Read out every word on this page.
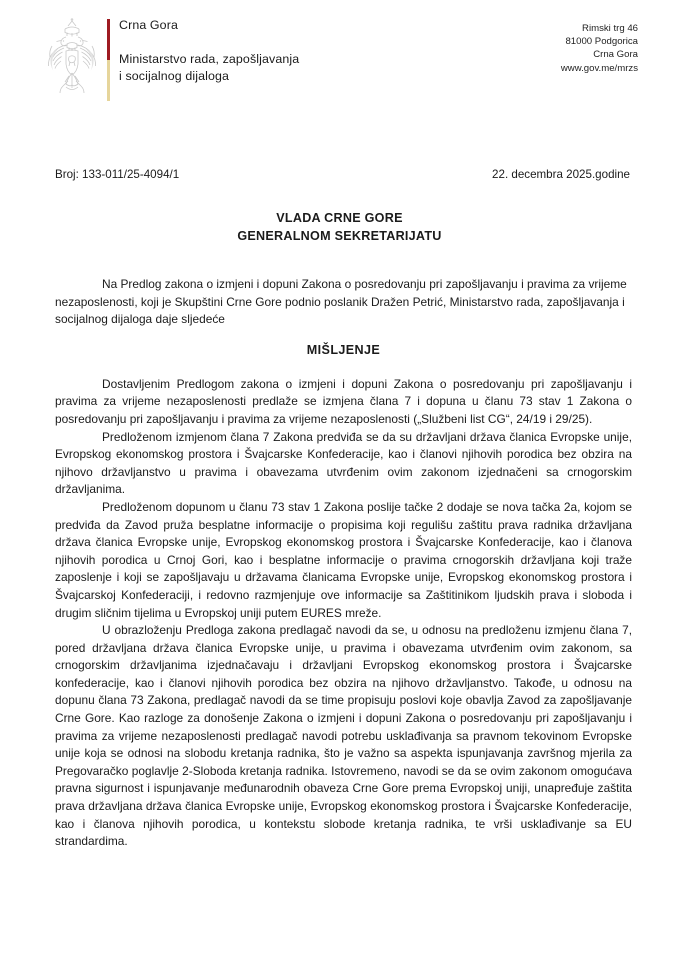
Crna Gora
Ministarstvo rada, zapošljavanja
i socijalnog dijaloga
Rimski trg 46
81000 Podgorica
Crna Gora
www.gov.me/mrzs
Broj: 133-011/25-4094/1	22. decembra 2025.godine
VLADA CRNE GORE
GENERALNOM SEKRETARIJATU

Na Predlog zakona o izmjeni i dopuni Zakona o posredovanju pri zapošljavanju i pravima za vrijeme nezaposlenosti, koji je Skupštini Crne Gore podnio poslanik Dražen Petrić, Ministarstvo rada, zapošljavanja i socijalnog dijaloga daje sljedeće

MIŠLJENJE

Dostavljenim Predlogom zakona o izmjeni i dopuni Zakona o posredovanju pri zapošljavanju i pravima za vrijeme nezaposlenosti predlaže se izmjena člana 7 i dopuna u članu 73 stav 1 Zakona o posredovanju pri zapošljavanju i pravima za vrijeme nezaposlenosti („Službeni list CG“, 24/19 i 29/25).

Predloženom izmjenom člana 7 Zakona predviđa se da su državljani država članica Evropske unije, Evropskog ekonomskog prostora i Švajcarske Konfederacije, kao i članovi njihovih porodica bez obzira na njihovo državljanstvo u pravima i obavezama utvrđenim ovim zakonom izjednačeni sa crnogorskim državljanima.

Predloženom dopunom u članu 73 stav 1 Zakona poslije tačke 2 dodaje se nova tačka 2a, kojom se predviđa da Zavod pruža besplatne informacije o propisima koji regulišu zaštitu prava radnika državljana država članica Evropske unije, Evropskog ekonomskog prostora i Švajcarske Konfederacije, kao i članova njihovih porodica u Crnoj Gori, kao i besplatne informacije o pravima crnogorskih državljana koji traže zaposlenje i koji se zapošljavaju u državama članicama Evropske unije, Evropskog ekonomskog prostora i Švajcarskoj Konfederaciji, i redovno razmjenjuje ove informacije sa Zaštitinikom ljudskih prava i sloboda i drugim sličnim tijelima u Evropskoj uniji putem EURES mreže.

U obrazloženju Predloga zakona predlagač navodi da se, u odnosu na predloženu izmjenu člana 7, pored državljana država članica Evropske unije, u pravima i obavezama utvrđenim ovim zakonom, sa crnogorskim državljanima izjednačavaju i državljani Evropskog ekonomskog prostora i Švajcarske konfederacije, kao i članovi njihovih porodica bez obzira na njihovo državljanstvo. Takođe, u odnosu na dopunu člana 73 Zakona, predlagač navodi da se time propisuju poslovi koje obavlja Zavod za zapošljavanje Crne Gore. Kao razloge za donošenje Zakona o izmjeni i dopuni Zakona o posredovanju pri zapošljavanju i pravima za vrijeme nezaposlenosti predlagač navodi potrebu usklađivanja sa pravnom tekovinom Evropske unije koja se odnosi na slobodu kretanja radnika, što je važno sa aspekta ispunjavanja završnog mjerila za Pregovaračko poglavlje 2-Sloboda kretanja radnika. Istovremeno, navodi se da se ovim zakonom omogućava pravna sigurnost i ispunjavanje međunarodnih obaveza Crne Gore prema Evropskoj uniji, unapređuje zaštita prava državljana država članica Evropske unije, Evropskog ekonomskog prostora i Švajcarske Konfederacije, kao i članova njihovih porodica, u kontekstu slobode kretanja radnika, te vrši usklađivanje sa EU strandardima.
